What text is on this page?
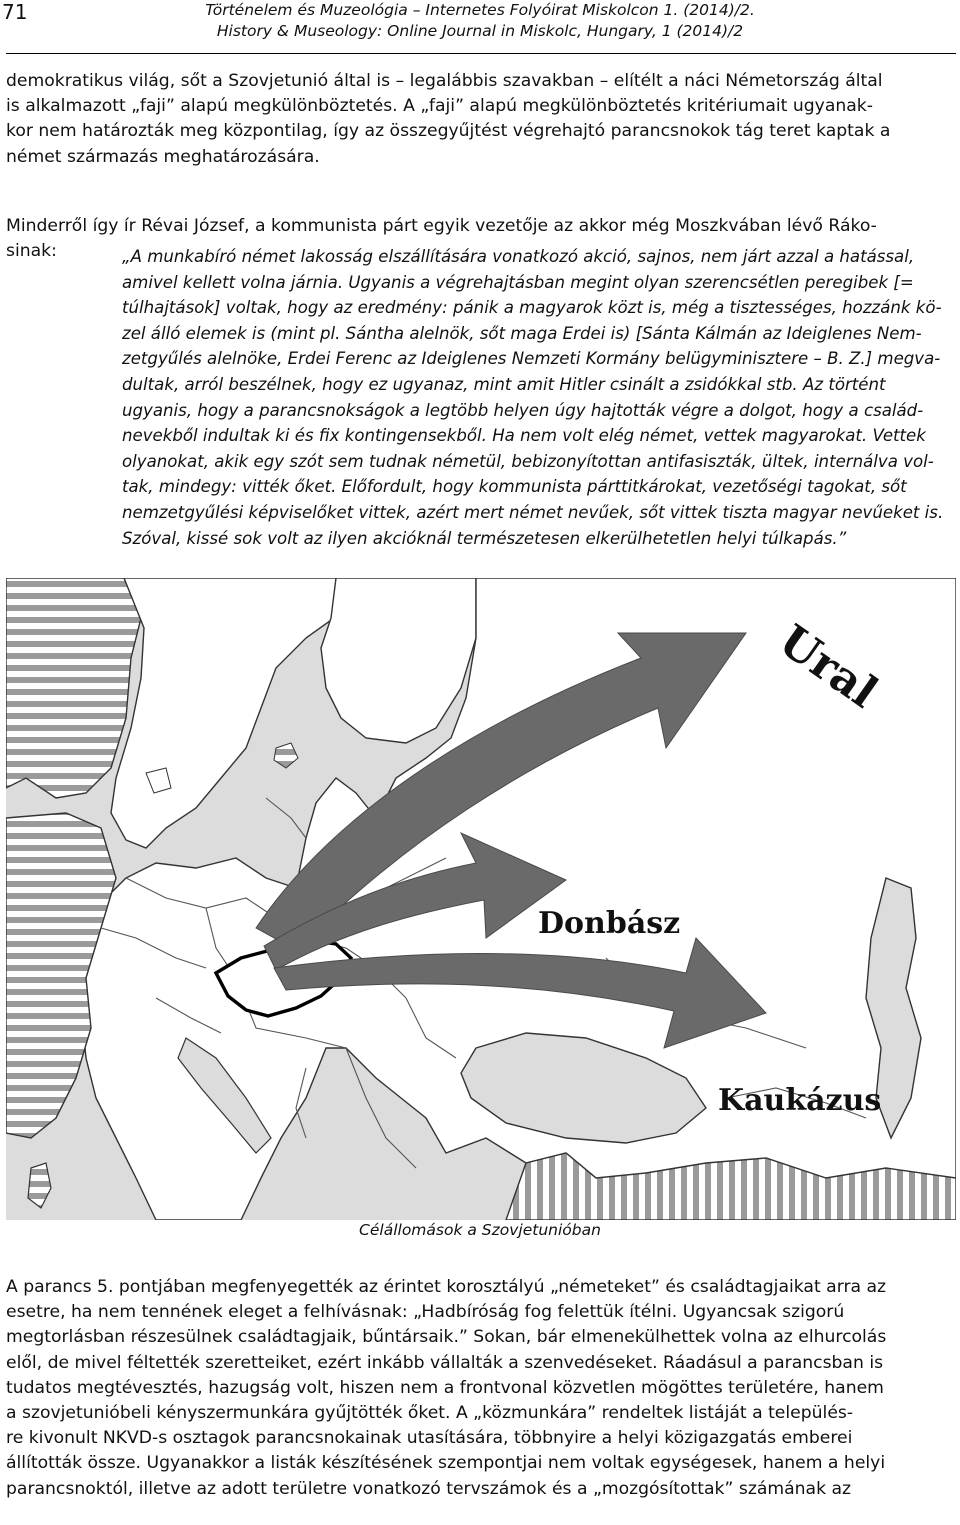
71	Történelem és Muzeológia – Internetes Folyóirat Miskolcon 1. (2014)/2.
History & Museology: Online Journal in Miskolc, Hungary, 1 (2014)/2

demokratikus világ, sőt a Szovjetunió által is – legalábbis szavakban – elítélt a náci Németország által
is alkalmazott „faji” alapú megkülönböztetés. A „faji” alapú megkülönböztetés kritériumait ugyanak-
kor nem határozták meg központilag, így az összegyűjtést végrehajtó parancsnokok tág teret kaptak a
német származás meghatározására.

Minderről így ír Révai József, a kommunista párt egyik vezetője az akkor még Moszkvában lévő Ráko-
sinak:	„A munkabíró német lakosság elszállítására vonatkozó akció, sajnos, nem járt azzal a hatással,
amivel kellett volna járnia. Ugyanis a végrehajtásban megint olyan szerencsétlen peregibek [=
túlhajtások] voltak, hogy az eredmény: pánik a magyarok közt is, még a tisztességes, hozzánk kö-
zel álló elemek is (mint pl. Sántha alelnök, sőt maga Erdei is) [Sánta Kálmán az Ideiglenes Nem-
zetgyűlés alelnöke, Erdei Ferenc az Ideiglenes Nemzeti Kormány belügyminisztere – B. Z.] megva-
dultak, arról beszélnek, hogy ez ugyanaz, mint amit Hitler csinált a zsidókkal stb. Az történt
ugyanis, hogy a parancsnokságok a legtöbb helyen úgy hajtották végre a dolgot, hogy a család-
nevekből indultak ki és fix kontingensekből. Ha nem volt elég német, vettek magyarokat. Vettek
olyanokat, akik egy szót sem tudnak németül, bebizonyítottan antifasiszták, ültek, internálva vol-
tak, mindegy: vitték őket. Előfordult, hogy kommunista párttitkárokat, vezetőségi tagokat, sőt
nemzetgyűlési képviselőket vittek, azért mert német nevűek, sőt vittek tiszta magyar nevűeket is.
Szóval, kissé sok volt az ilyen akcióknál természetesen elkerülhetetlen helyi túlkapás.”

Ural
Donbász
Kaukázus
Célállomások a Szovjetunióban

A parancs 5. pontjában megfenyegették az érintet korosztályú „németeket” és családtagjaikat arra az
esetre, ha nem tennének eleget a felhívásnak: „Hadbíróság fog felettük ítélni. Ugyancsak szigorú
megtorlásban részesülnek családtagjaik, bűntársaik.” Sokan, bár elmenekülhettek volna az elhurcolás
elől, de mivel féltették szeretteiket, ezért inkább vállalták a szenvedéseket. Ráadásul a parancsban is
tudatos megtévesztés, hazugság volt, hiszen nem a frontvonal közvetlen mögöttes területére, hanem
a szovjetunióbeli kényszermunkára gyűjtötték őket. A „közmunkára” rendeltek listáját a település-
re kivonult NKVD-s osztagok parancsnokainak utasítására, többnyire a helyi közigazgatás emberei
állították össze. Ugyanakkor a listák készítésének szempontjai nem voltak egységesek, hanem a helyi
parancsnoktól, illetve az adott területre vonatkozó tervszámok és a „mozgósítottak” számának az
